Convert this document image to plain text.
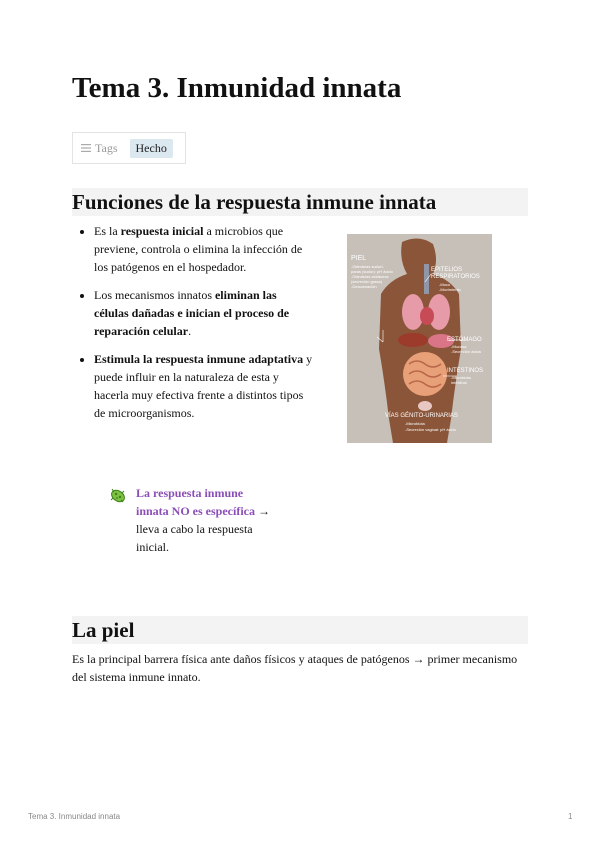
Tema 3. Inmunidad innata
Tags	Hecho
Funciones de la respuesta inmune innata
• Es la respuesta inicial a microbios que previene, controla o elimina la infección de los patógenos en el hospedador.
• Los mecanismos innatos eliminan las células dañadas e inician el proceso de reparación celular.
• Estimula la respuesta inmune adaptativa y puede influir en la naturaleza de esta y hacerla muy efectiva frente a distintos tipos de microorganismos.
La respuesta inmune innata NO es específica → lleva a cabo la respuesta inicial.
PIEL
-Glándulas sudorí-
paras (sudor): pH ácido
-Glándulas sebáceas
(secreción grasa)
-Descamación
EPITELIOS
RESPIRATORIOS
-Moco
-Movimiento
ESTÓMAGO
-Mucosa
-Secreción ácida
INTESTINOS
-Microbiota
intestinal
VÍAS GÉNITO-URINARIAS
-Microbiota
-Secreción vaginal: pH ácido
La piel

Es la principal barrera física ante daños físicos y ataques de patógenos → primer mecanismo del sistema inmune innato.

Tema 3. Inmunidad innata	1
